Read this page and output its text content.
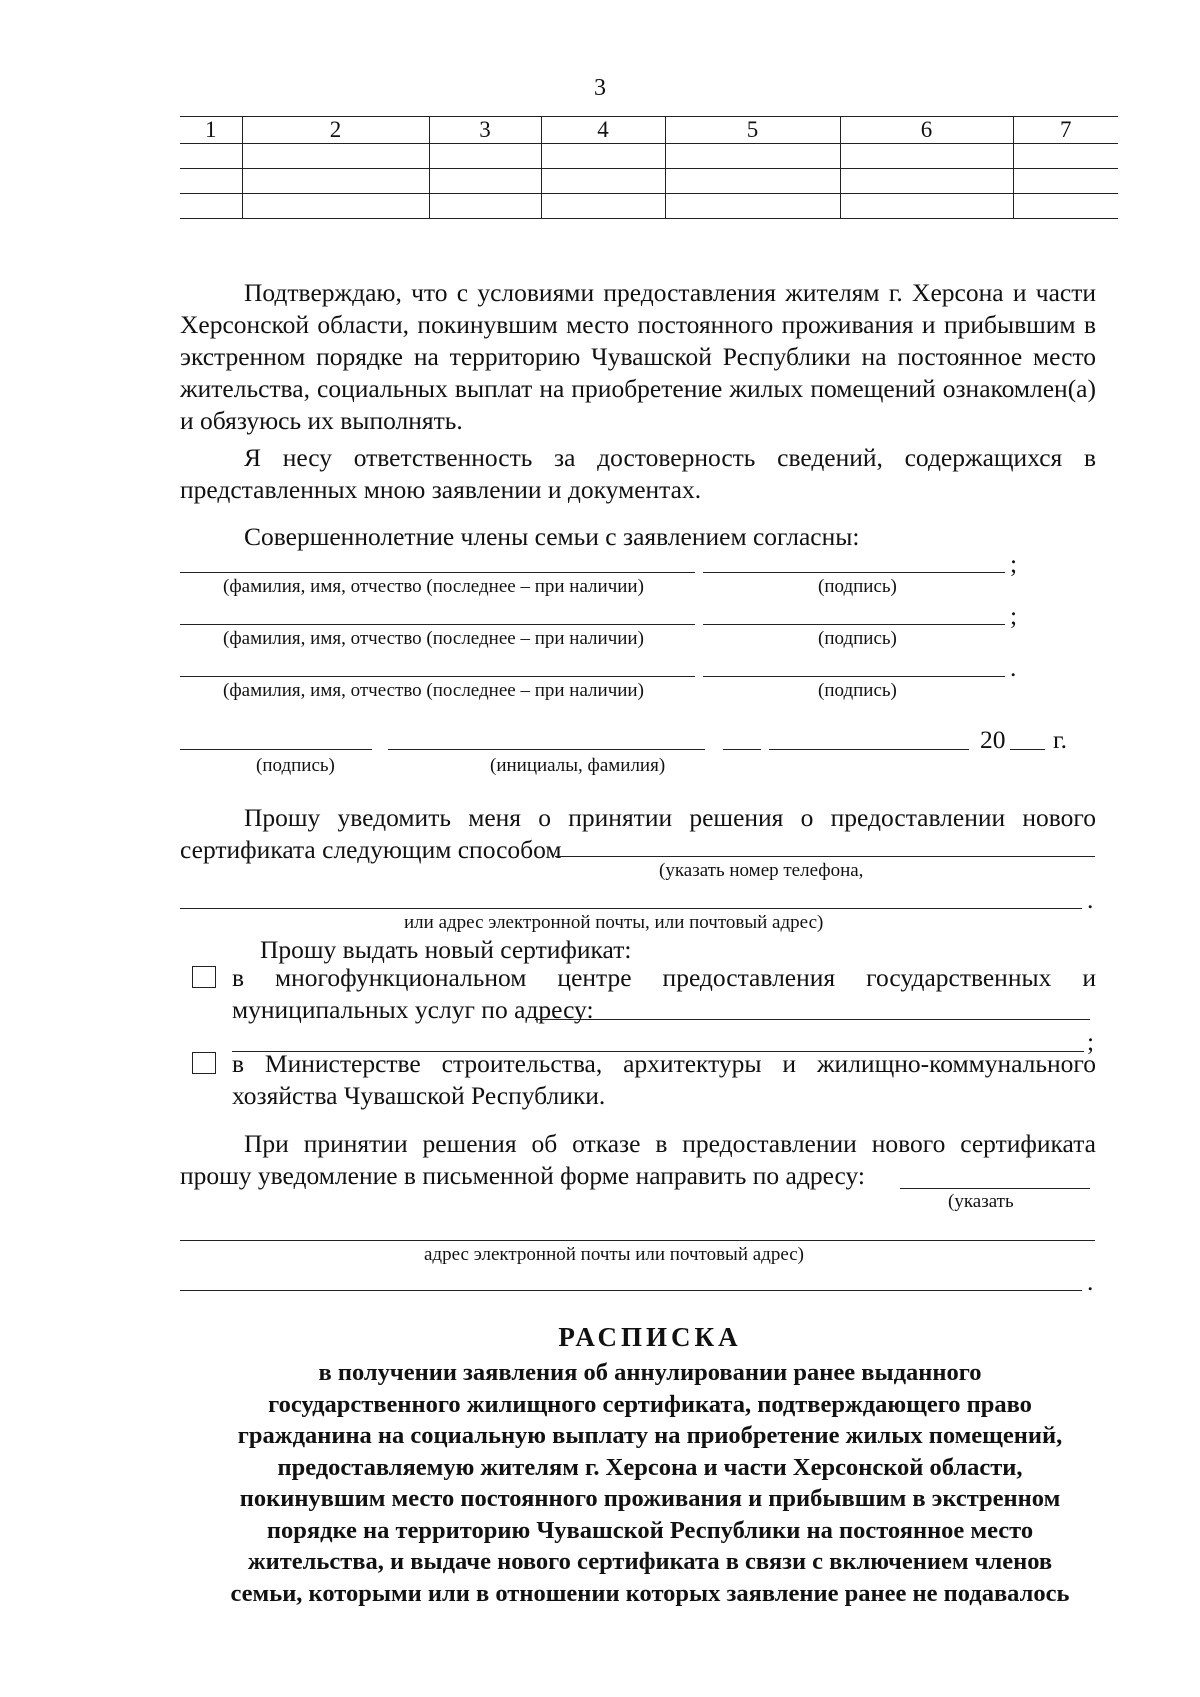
3
1	2	3	4	5	6	7

Подтверждаю, что с условиями предоставления жителям г. Херсона и части Херсонской области, покинувшим место постоянного проживания и прибывшим в экстренном порядке на территорию Чувашской Республики на постоянное место жительства, социальных выплат на приобретение жилых помещений ознакомлен(а) и обязуюсь их выполнять.
Я несу ответственность за достоверность сведений, содержащихся в представленных мною заявлении и документах.
Совершеннолетние члены семьи с заявлением согласны:
;
(фамилия, имя, отчество (последнее – при наличии)	(подпись)
;
(фамилия, имя, отчество (последнее – при наличии)	(подпись)
.
(фамилия, имя, отчество (последнее – при наличии)	(подпись)
20 г.
(подпись)	(инициалы, фамилия)
Прошу уведомить меня о принятии решения о предоставлении нового сертификата следующим способом
(указать номер телефона,
.
или адрес электронной почты, или почтовый адрес)
Прошу выдать новый сертификат:
в многофункциональном центре предоставления государственных и муниципальных услуг по адресу:
;
в Министерстве строительства, архитектуры и жилищно-коммунального хозяйства Чувашской Республики.
При принятии решения об отказе в предоставлении нового сертификата прошу уведомление в письменной форме направить по адресу:
(указать
адрес электронной почты или почтовый адрес)
.
РАСПИСКА
в получении заявления об аннулировании ранее выданного
государственного жилищного сертификата, подтверждающего право
гражданина на социальную выплату на приобретение жилых помещений,
предоставляемую жителям г. Херсона и части Херсонской области,
покинувшим место постоянного проживания и прибывшим в экстренном
порядке на территорию Чувашской Республики на постоянное место
жительства, и выдаче нового сертификата в связи с включением членов
семьи, которыми или в отношении которых заявление ранее не подавалось
